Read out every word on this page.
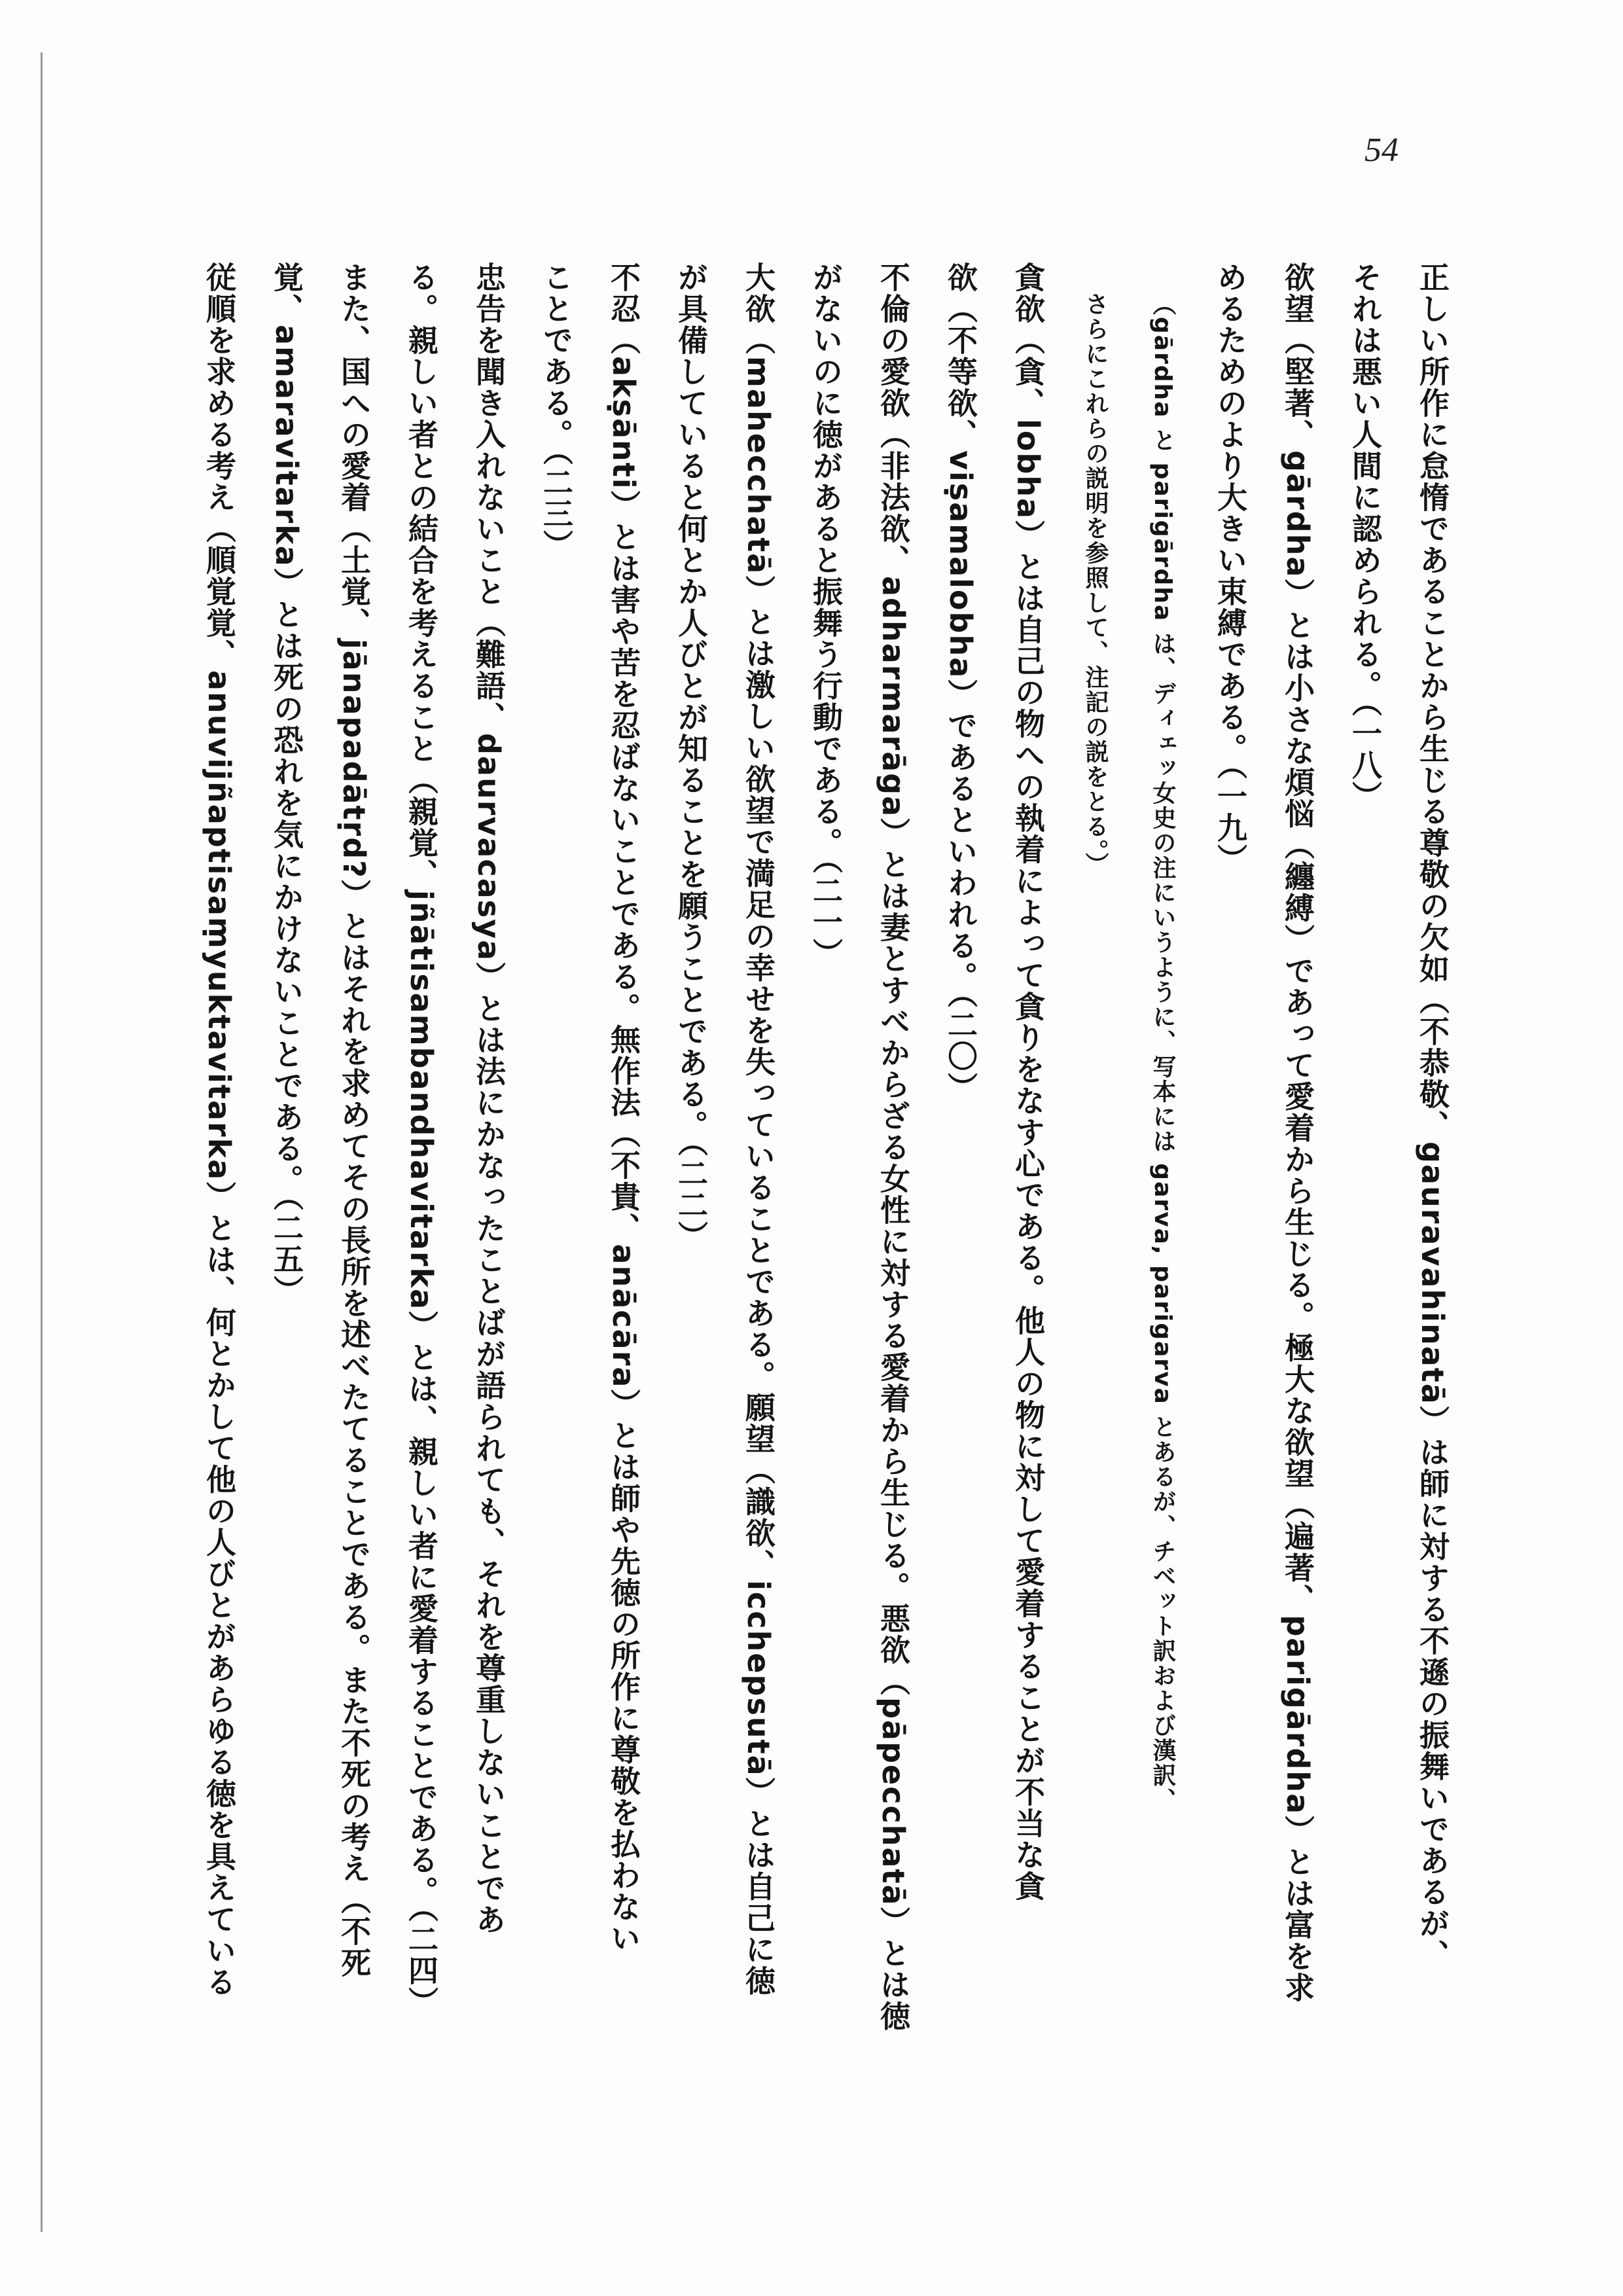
54
正しい所作に怠惰であることから生じる尊敬の欠如（不恭敬、gauravahinatā）は師に対する不遜の振舞いであるが、
それは悪い人間に認められる。（一八）
欲望（堅著、gārdha）とは小さな煩悩（纏縛）であって愛着から生じる。極大な欲望（遍著、parigārdha）とは富を求
めるためのより大きい束縛である。（一九）
（gārdha と parigārdha は、ディェッ女史の注にいうように、写本には garva, parigarva とあるが、チベット訳および漢訳、
さらにこれらの説明を参照して、注記の説をとる。）
貪欲（貪、lobha）とは自己の物への執着によって貪りをなす心である。他人の物に対して愛着することが不当な貪
欲（不等欲、viṣamalobha）であるといわれる。（二〇）
不倫の愛欲（非法欲、adharmarāga）とは妻とすべからざる女性に対する愛着から生じる。悪欲（pāpecchatā）とは徳
がないのに徳があると振舞う行動である。（二一）
大欲（mahecchatā）とは激しい欲望で満足の幸せを失っていることである。願望（識欲、icchepsutā）とは自己に徳
が具備していると何とか人びとが知ることを願うことである。（二二）
不忍（akṣānti）とは害や苦を忍ばないことである。無作法（不貴、anācāra）とは師や先徳の所作に尊敬を払わない
ことである。（二三）
忠告を聞き入れないこと（難語、daurvacasya）とは法にかなったことばが語られても、それを尊重しないことであ
る。親しい者との結合を考えること（親覚、jñātisambandhavitarka）とは、親しい者に愛着することである。（二四）
また、国への愛着（土覚、jānapadātṛd?）とはそれを求めてその長所を述べたてることである。また不死の考え（不死
覚、amaravitarka）とは死の恐れを気にかけないことである。（二五）
従順を求める考え（順覚覚、anuvijñaptisaṃyuktavitarka）とは、何とかして他の人びとがあらゆる徳を具えている
